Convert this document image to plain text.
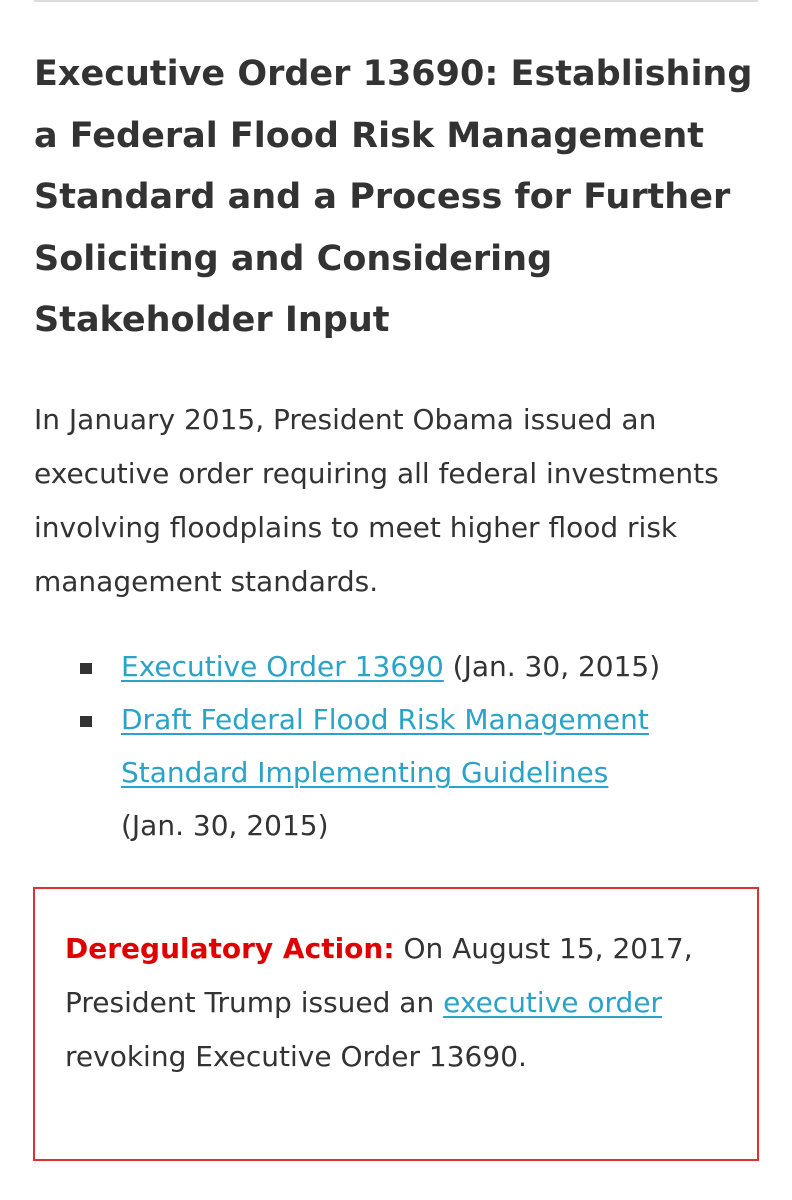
Executive Order 13690: Establishing a Federal Flood Risk Management Standard and a Process for Further Soliciting and Considering Stakeholder Input

In January 2015, President Obama issued an executive order requiring all federal investments involving floodplains to meet higher flood risk management standards.

Executive Order 13690 (Jan. 30, 2015)
Draft Federal Flood Risk Management Standard Implementing Guidelines
(Jan. 30, 2015)

Deregulatory Action: On August 15, 2017, President Trump issued an executive order revoking Executive Order 13690.
